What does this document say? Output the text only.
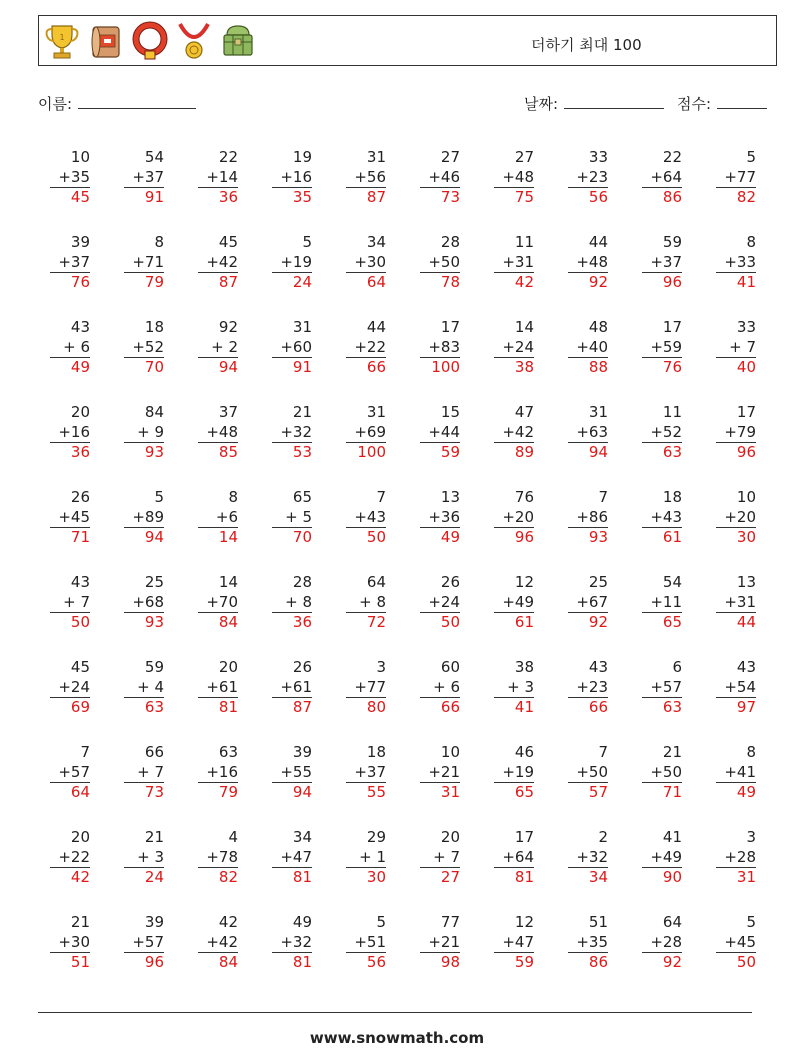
1	더하기 최대 100
이름:	날짜:	점수:
10
+35
45
54
+37
91
22
+14
36
19
+16
35
31
+56
87
27
+46
73
27
+48
75
33
+23
56
22
+64
86
5
+77
82
39
+37
76
8
+71
79
45
+42
87
5
+19
24
34
+30
64
28
+50
78
11
+31
42
44
+48
92
59
+37
96
8
+33
41
43
+ 6
49
18
+52
70
92
+ 2
94
31
+60
91
44
+22
66
17
+83
100
14
+24
38
48
+40
88
17
+59
76
33
+ 7
40
20
+16
36
84
+ 9
93
37
+48
85
21
+32
53
31
+69
100
15
+44
59
47
+42
89
31
+63
94
11
+52
63
17
+79
96
26
+45
71
5
+89
94
8
+6
14
65
+ 5
70
7
+43
50
13
+36
49
76
+20
96
7
+86
93
18
+43
61
10
+20
30
43
+ 7
50
25
+68
93
14
+70
84
28
+ 8
36
64
+ 8
72
26
+24
50
12
+49
61
25
+67
92
54
+11
65
13
+31
44
45
+24
69
59
+ 4
63
20
+61
81
26
+61
87
3
+77
80
60
+ 6
66
38
+ 3
41
43
+23
66
6
+57
63
43
+54
97
7
+57
64
66
+ 7
73
63
+16
79
39
+55
94
18
+37
55
10
+21
31
46
+19
65
7
+50
57
21
+50
71
8
+41
49
20
+22
42
21
+ 3
24
4
+78
82
34
+47
81
29
+ 1
30
20
+ 7
27
17
+64
81
2
+32
34
41
+49
90
3
+28
31
21
+30
51
39
+57
96
42
+42
84
49
+32
81
5
+51
56
77
+21
98
12
+47
59
51
+35
86
64
+28
92
5
+45
50
www.snowmath.com
